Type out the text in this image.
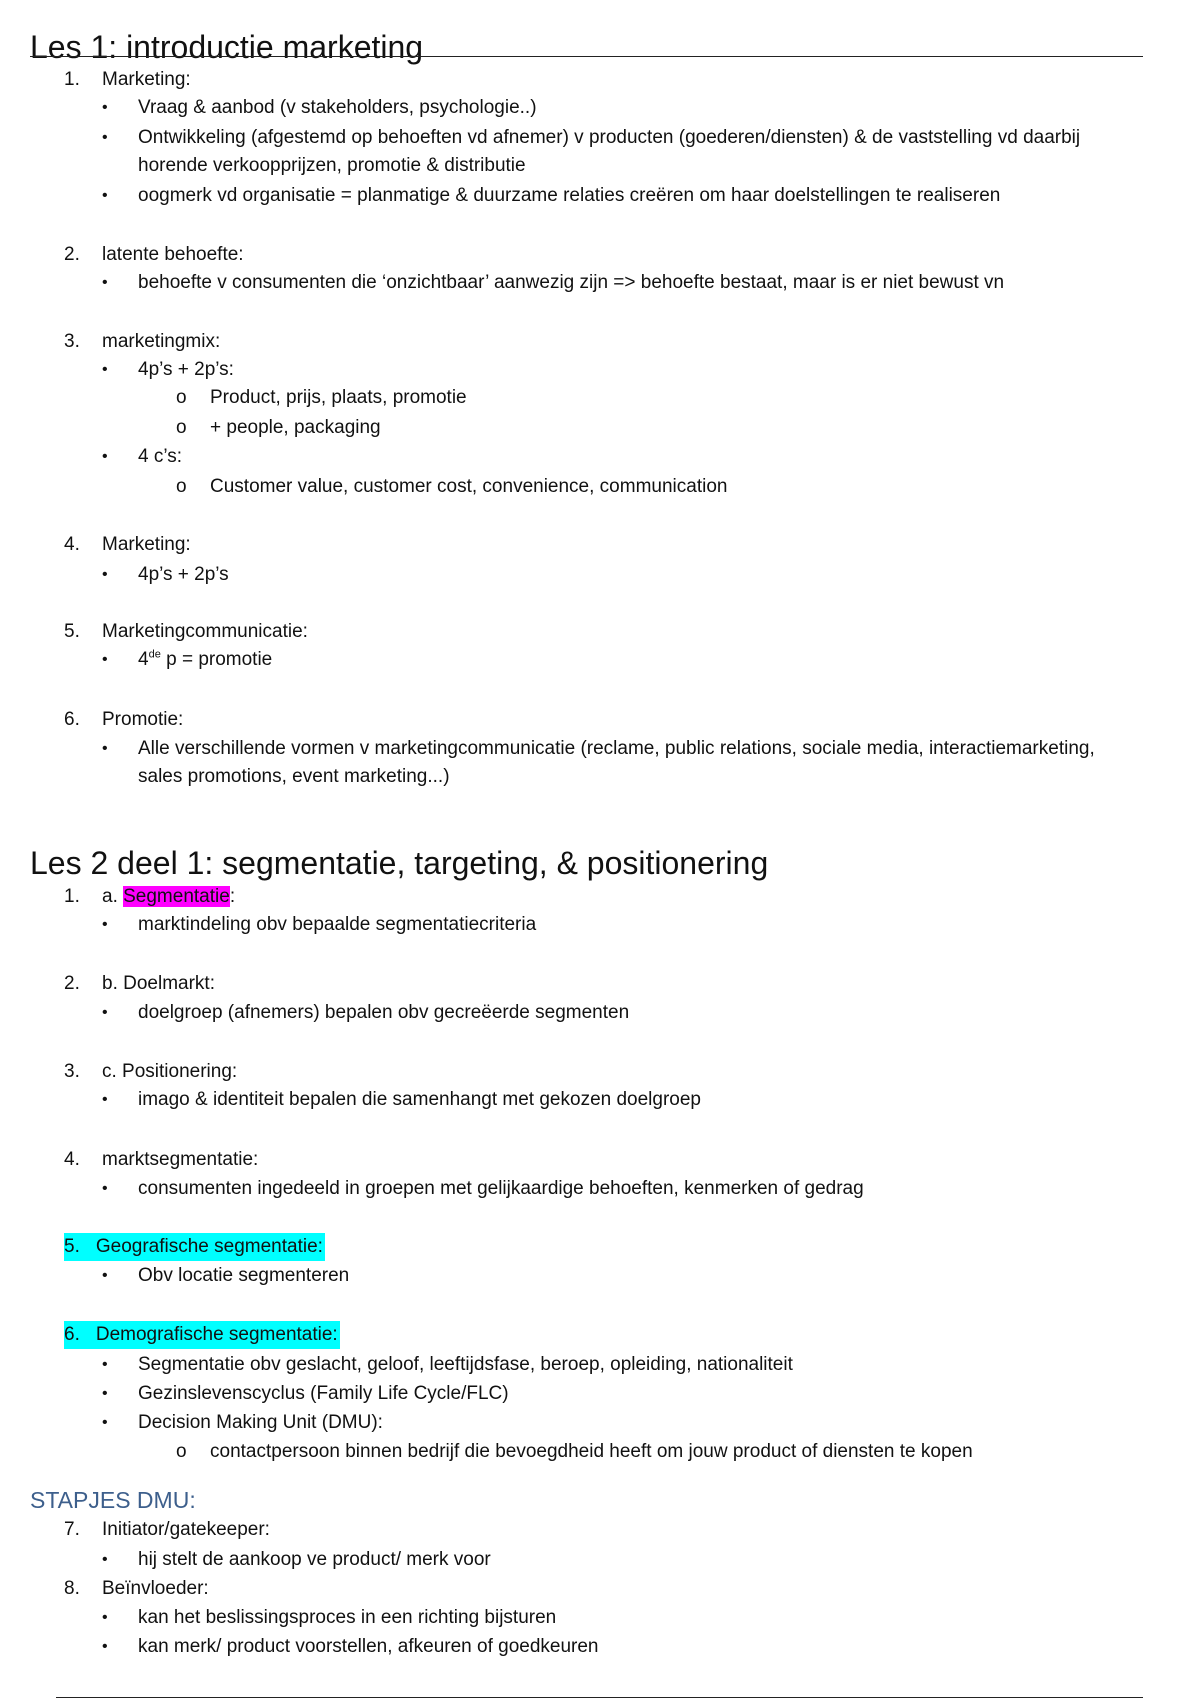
Les 1: introductie marketing
1.	Marketing:
• Vraag & aanbod (v stakeholders, psychologie..)
• Ontwikkeling (afgestemd op behoeften vd afnemer) v producten (goederen/diensten) & de vaststelling vd daarbij
horende verkoopprijzen, promotie & distributie
• oogmerk vd organisatie = planmatige & duurzame relaties creëren om haar doelstellingen te realiseren
2.	latente behoefte:
• behoefte v consumenten die ‘onzichtbaar’ aanwezig zijn => behoefte bestaat, maar is er niet bewust vn
3.	marketingmix:
• 4p’s + 2p’s:
o Product, prijs, plaats, promotie
o + people, packaging
• 4 c’s:
o Customer value, customer cost, convenience, communication
4.	Marketing:
• 4p’s + 2p’s
5.	Marketingcommunicatie:
• 4de p = promotie
6.	Promotie:
• Alle verschillende vormen v marketingcommunicatie (reclame, public relations, sociale media, interactiemarketing,
sales promotions, event marketing...)
Les 2 deel 1: segmentatie, targeting, & positionering
1.	a. Segmentatie:
• marktindeling obv bepaalde segmentatiecriteria
2.	b. Doelmarkt:
• doelgroep (afnemers) bepalen obv gecreëerde segmenten
3.	c. Positionering:
• imago & identiteit bepalen die samenhangt met gekozen doelgroep
4.	marktsegmentatie:
• consumenten ingedeeld in groepen met gelijkaardige behoeften, kenmerken of gedrag
5. Geografische segmentatie:
• Obv locatie segmenteren
6. Demografische segmentatie:
• Segmentatie obv geslacht, geloof, leeftijdsfase, beroep, opleiding, nationaliteit
• Gezinslevenscyclus (Family Life Cycle/FLC)
• Decision Making Unit (DMU):
o contactpersoon binnen bedrijf die bevoegdheid heeft om jouw product of diensten te kopen
STAPJES DMU:
7.	Initiator/gatekeeper:
• hij stelt de aankoop ve product/ merk voor
8.	Beïnvloeder:
• kan het beslissingsproces in een richting bijsturen
• kan merk/ product voorstellen, afkeuren of goedkeuren
